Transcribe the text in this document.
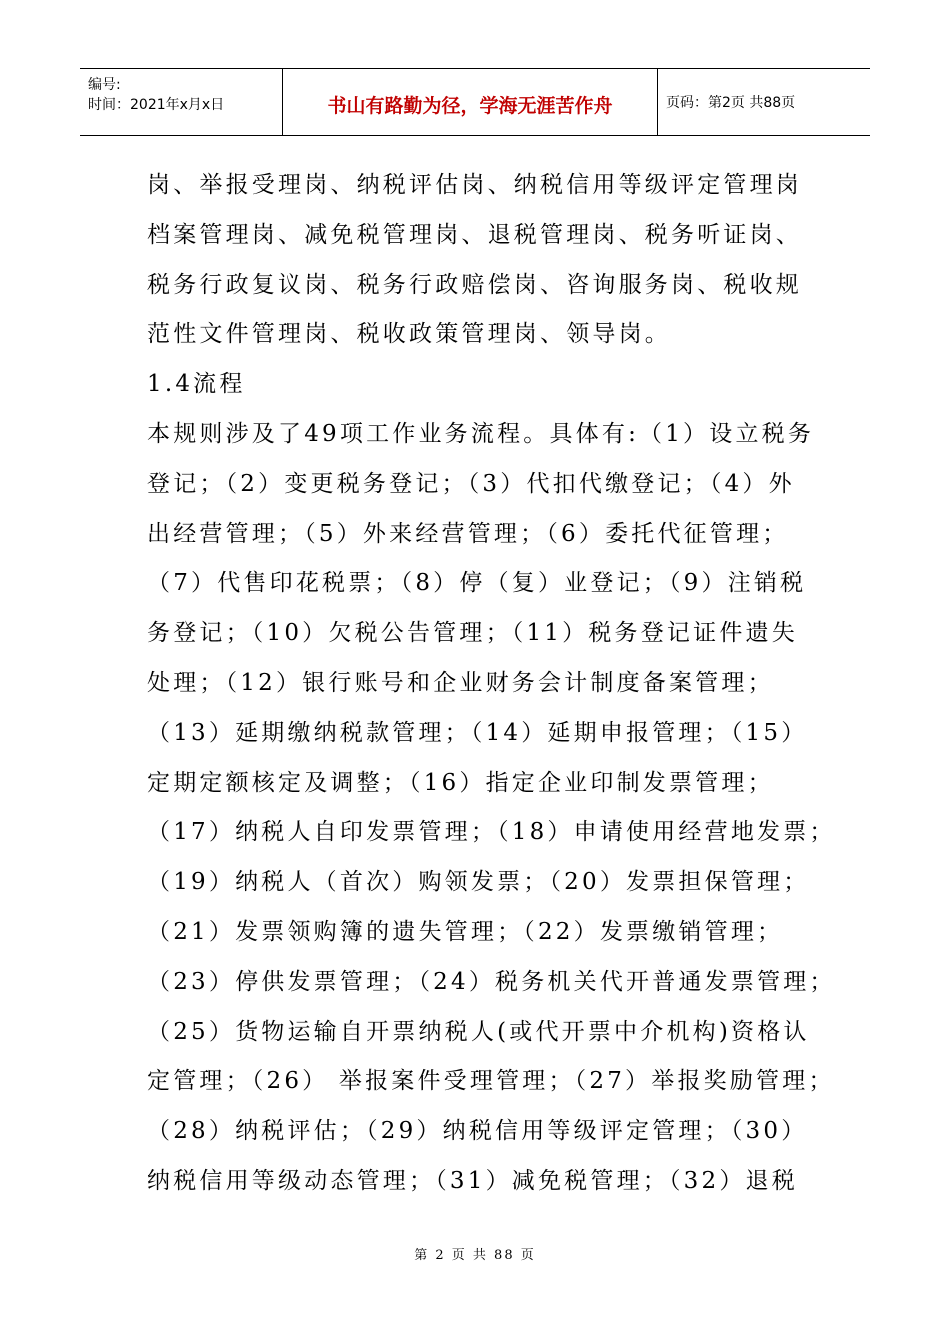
编号:
时间：2021年x月x日	书山有路勤为径，学海无涯苦作舟	页码：第2页 共88页
岗、举报受理岗、纳税评估岗、纳税信用等级评定管理岗
档案管理岗、减免税管理岗、退税管理岗、税务听证岗、
税务行政复议岗、税务行政赔偿岗、咨询服务岗、税收规
范性文件管理岗、税收政策管理岗、领导岗。
1.4流程
本规则涉及了49项工作业务流程。具体有:（1）设立税务
登记；（2）变更税务登记；（3）代扣代缴登记；（4）外
出经营管理；（5）外来经营管理；（6）委托代征管理；
（7）代售印花税票；（8）停（复）业登记；（9）注销税
务登记；（10）欠税公告管理；（11）税务登记证件遗失
处理；（12）银行账号和企业财务会计制度备案管理；
（13）延期缴纳税款管理；（14）延期申报管理；（15）
定期定额核定及调整；（16）指定企业印制发票管理；
（17）纳税人自印发票管理；（18）申请使用经营地发票；
（19）纳税人（首次）购领发票；（20）发票担保管理；
（21）发票领购簿的遗失管理；（22）发票缴销管理；
（23）停供发票管理；（24）税务机关代开普通发票管理；
（25）货物运输自开票纳税人(或代开票中介机构)资格认
定管理；（26） 举报案件受理管理；（27）举报奖励管理；
（28）纳税评估；（29）纳税信用等级评定管理；（30）
纳税信用等级动态管理；（31）减免税管理；（32）退税
第 2 页 共 88 页
